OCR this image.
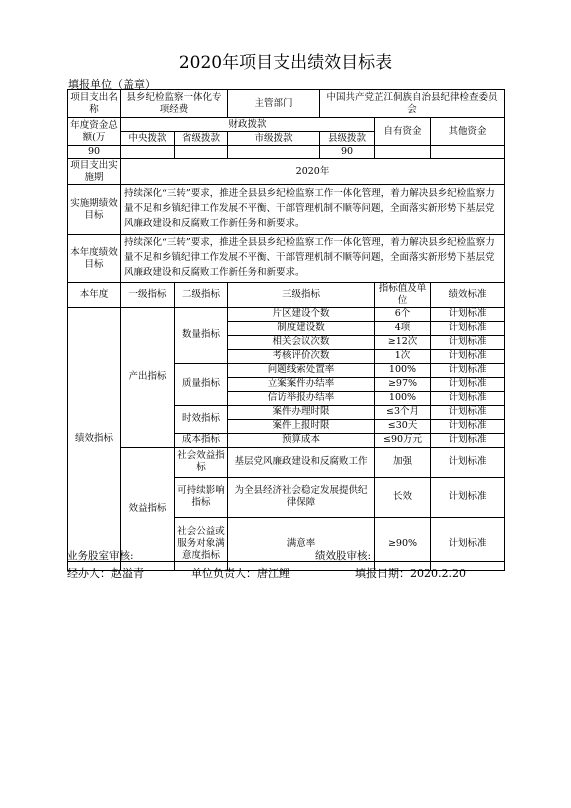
2020年项目支出绩效目标表
填报单位（盖章）
项目支出名称	县乡纪检监察一体化专项经费		主管部门	中国共产党芷江侗族自治县纪律检查委员会		
年度资金总额(万	财政拨款				自有资金	其他资金
	中央拨款	省级拨款	市级拨款	县级拨款		
90				90		
项目支出实施期	2020年					
实施期绩效目标	持续深化“三转”要求，推进全县县乡纪检监察工作一体化管理，着力解决县乡纪检监察力量不足和乡镇纪律工作发展不平衡、干部管理机制不顺等问题，全面落实新形势下基层党风廉政建设和反腐败工作新任务和新要求。					
本年度绩效目标	持续深化“三转”要求，推进全县县乡纪检监察工作一体化管理，着力解决县乡纪检监察力量不足和乡镇纪律工作发展不平衡、干部管理机制不顺等问题，全面落实新形势下基层党风廉政建设和反腐败工作新任务和新要求。					
本年度	一级指标	二级指标	三级指标		指标值及单位	绩效标准
绩效指标	产出指标	数量指标	片区建设个数		6个	计划标准
			制度建设数		4项	计划标准
			相关会议次数		≥12次	计划标准
			考核评价次数		1次	计划标准
		质量指标	问题线索处置率		100%	计划标准
			立案案件办结率		≥97%	计划标准
			信访举报办结率		100%	计划标准
		时效指标	案件办理时限		≤3个月	计划标准
			案件上报时限		≤30天	计划标准
		成本指标	预算成本		≤90万元	计划标准
	效益指标	社会效益指标	基层党风廉政建设和反腐败工作		加强	计划标准
		可持续影响指标	为全县经济社会稳定发展提供纪律保障		长效	计划标准
		社会公益或服务对象满意度指标	满意率		≥90%	计划标准
业务股室审核:	绩效股审核:
经办人：赵溢青	单位负责人：唐江鲤	填报日期：2020.2.20
